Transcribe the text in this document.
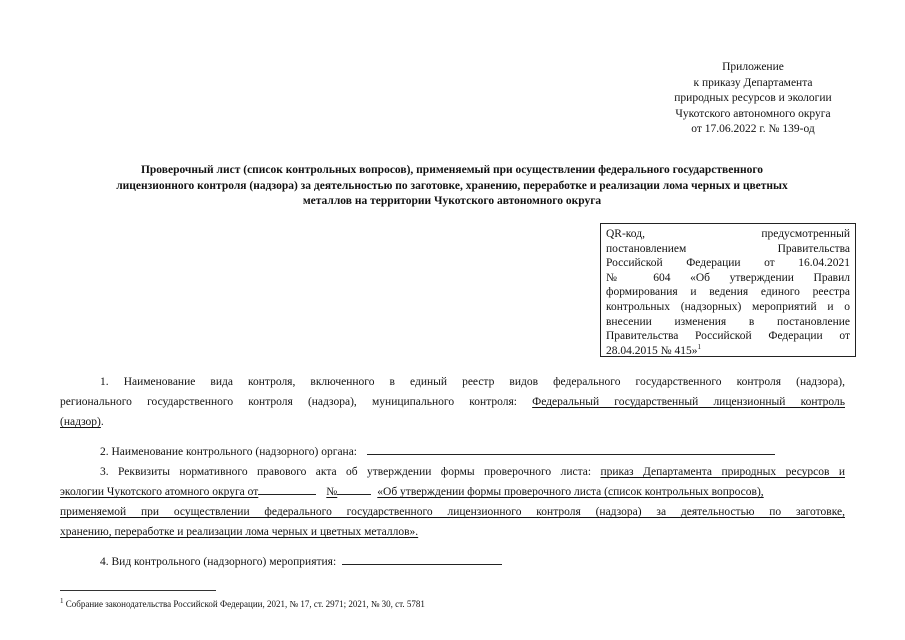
Приложение
к приказу Департамента
природных ресурсов и экологии
Чукотского автономного округа
от 17.06.2022 г. № 139-од
Проверочный лист (список контрольных вопросов), применяемый при осуществлении федерального государственного
лицензионного контроля (надзора) за деятельностью по заготовке, хранению, переработке и реализации лома черных и цветных
металлов на территории Чукотского автономного округа
QR-код, предусмотренный
постановлением Правительства
Российской Федерации от 16.04.2021
№ 604 «Об утверждении Правил
формирования и ведения единого реестра
контрольных (надзорных) мероприятий и о
внесении изменения в постановление
Правительства Российской Федерации от
28.04.2015 № 415»$^1$
1. Наименование вида контроля, включенного в единый реестр видов федерального государственного контроля (надзора),
регионального государственного контроля (надзора), муниципального контроля: Федеральный государственный лицензионный контроль
(надзор).
2. Наименование контрольного (надзорного) органа:
3. Реквизиты нормативного правового акта об утверждении формы проверочного листа: приказ Департамента природных ресурсов и
экологии Чукотского атомного округа от	№	«Об утверждении формы проверочного листа (список контрольных вопросов),
применяемой при осуществлении федерального государственного лицензионного контроля (надзора) за деятельностью по заготовке,
хранению, переработке и реализации лома черных и цветных металлов».
4. Вид контрольного (надзорного) мероприятия:
$^1$ Собрание законодательства Российской Федерации, 2021, № 17, ст. 2971; 2021, № 30, ст. 5781
